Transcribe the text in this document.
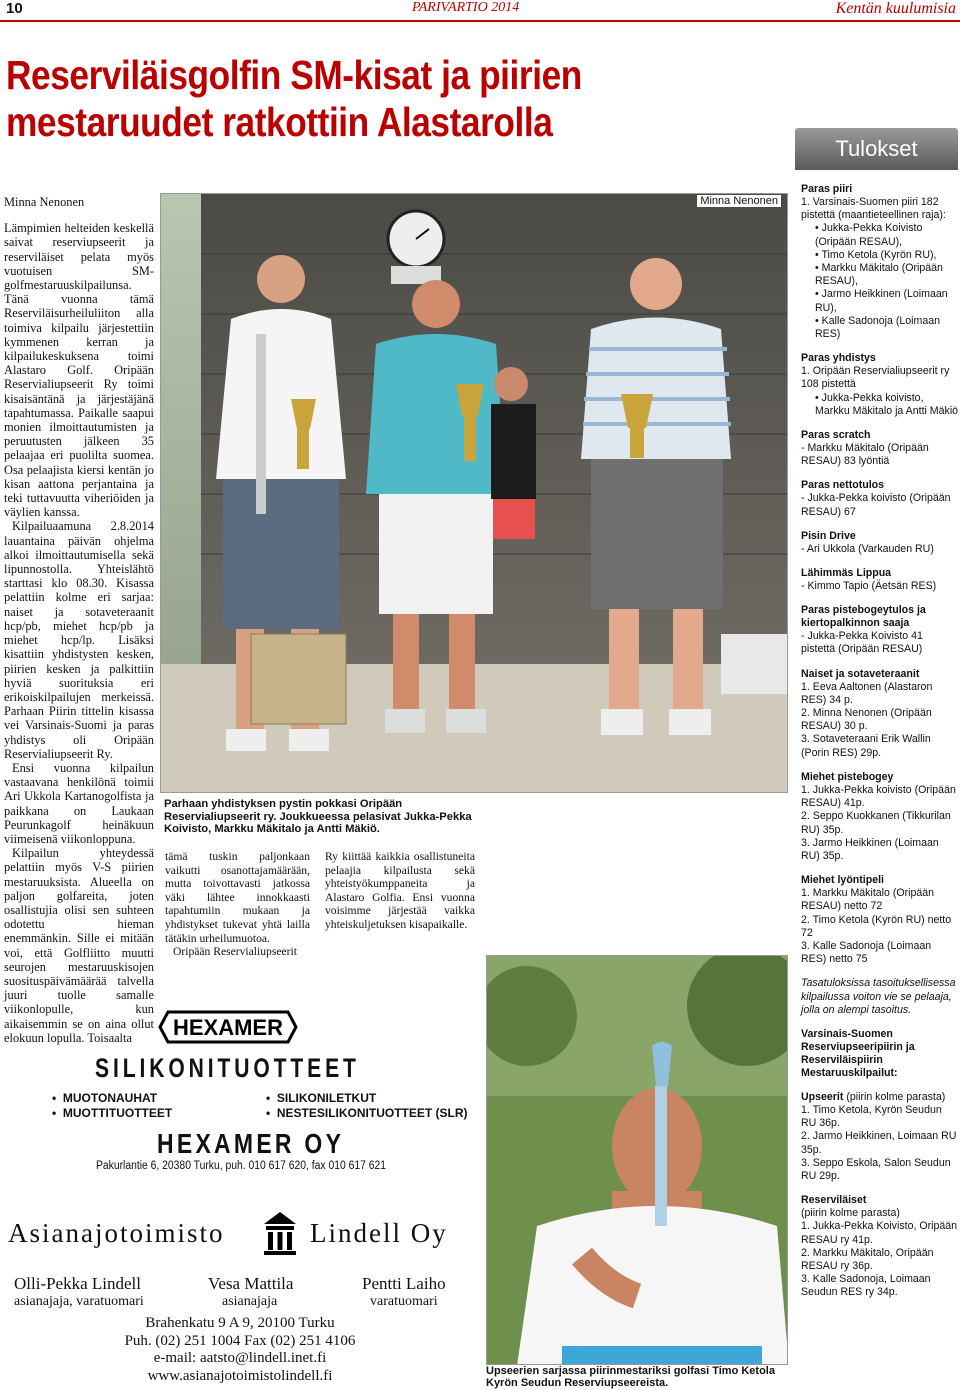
10	PARIVARTIO 2014	Kentän kuulumisia
Reserviläisgolfin SM-kisat ja piirien
mestaruudet ratkottiin Alastarolla
Tulokset

Minna Nenonen

Lämpimien helteiden keskellä saivat reserviupseerit ja reserviläiset pelata myös vuotuisen SM-golfmestaruuskilpailunsa. Tänä vuonna tämä Reserviläisurheiluliiton alla toimiva kilpailu järjestettiin kymmenen kerran ja kilpailukeskuksena toimi Alastaro Golf. Oripään Reservialiupseerit Ry toimi kisaisäntänä ja järjestäjänä tapahtumassa. Paikalle saapui monien ilmoittautumisten ja peruutusten jälkeen 35 pelaajaa eri puolilta suomea. Osa pelaajista kiersi kentän jo kisan aattona perjantaina ja teki tuttavuutta viheriöiden ja väylien kanssa.

Kilpailuaamuna 2.8.2014 lauantaina päivän ohjelma alkoi ilmoittautumisella sekä lipunnostolla. Yhteislähtö starttasi klo 08.30. Kisassa pelattiin kolme eri sarjaa: naiset ja sotaveteraanit hcp/pb, miehet hcp/pb ja miehet hcp/lp. Lisäksi kisattiin yhdistysten kesken, piirien kesken ja palkittiin hyviä suorituksia eri erikoiskilpailujen merkeissä. Parhaan Piirin tittelin kisassa vei Varsinais-Suomi ja paras yhdistys oli Oripään Reservialiupseerit Ry.

Ensi vuonna kilpailun vastaavana henkilönä toimii Ari Ukkola Kartanogolfista ja paikkana on Laukaan Peurunkagolf heinäkuun viimeisenä viikonloppuna.

Kilpailun yhteydessä pelattiin myös V-S piirien mestaruuksista. Alueella on paljon golfareita, joten osallistujia olisi sen suhteen odotettu hieman enemmänkin. Sille ei mitään voi, että Golfliitto muutti seurojen mestaruuskisojen suosituspäivämäärää talvella juuri tuolle samalle viikonlopulle, kun aikaisemmin se on aina ollut elokuun lopulla. Toisaalta

Minna Nenonen
Parhaan yhdistyksen pystin pokkasi Oripään Reservialiupseerit ry. Joukkueessa pelasivat Jukka-Pekka Koivisto, Markku Mäkitalo ja Antti Mäkiö.

tämä tuskin paljonkaan vaikutti osanottajamäärään, mutta toivottavasti jatkossa väki lähtee innokkaasti tapahtumiin mukaan ja yhdistykset tukevat yhtä lailla tätäkin urheilumuotoa.

Oripään Reservialiupseerit

Ry kiittää kaikkia osallistuneita pelaajia kilpailusta sekä yhteistyökumppaneita ja Alastaro Golfia. Ensi vuonna voisimme järjestää vaikka yhteiskuljetuksen kisapaikalle.
Upseerien sarjassa piirinmestariksi golfasi Timo Ketola Kyrön Seudun Reserviupseereista.
Paras piiri
1. Varsinais-Suomen piiri 182 pistettä (maantieteellinen raja):
• Jukka-Pekka Koivisto (Oripään RESAU),
• Timo Ketola (Kyrön RU),
• Markku Mäkitalo (Oripään RESAU),
• Jarmo Heikkinen (Loimaan RU),
• Kalle Sadonoja (Loimaan RES)
Paras yhdistys
1. Oripään Reservialiupseerit ry 108 pistettä
• Jukka-Pekka koivisto, Markku Mäkitalo ja Antti Mäkiö
Paras scratch
- Markku Mäkitalo (Oripään RESAU) 83 lyöntiä
Paras nettotulos
- Jukka-Pekka koivisto (Oripään RESAU) 67
Pisin Drive
- Ari Ukkola (Varkauden RU)
Lähimmäs Lippua
- Kimmo Tapio (Äetsän RES)
Paras pistebogeytulos ja kiertopalkinnon saaja
- Jukka-Pekka Koivisto 41 pistettä (Oripään RESAU)
Naiset ja sotaveteraanit
1. Eeva Aaltonen (Alastaron RES) 34 p.
2. Minna Nenonen (Oripään RESAU) 30 p.
3. Sotaveteraani Erik Wallin (Porin RES) 29p.
Miehet pistebogey
1. Jukka-Pekka koivisto (Oripään RESAU) 41p.
2. Seppo Kuokkanen (Tikkurilan RU) 35p.
3. Jarmo Heikkinen (Loimaan RU) 35p.
Miehet lyöntipeli
1. Markku Mäkitalo (Oripään RESAU) netto 72
2. Timo Ketola (Kyrön RU) netto 72
3. Kalle Sadonoja (Loimaan RES) netto 75
Tasatuloksissa tasoituksellisessa kilpailussa voiton vie se pelaaja, jolla on alempi tasoitus.
Varsinais-Suomen Reserviupseeripiirin ja Reserviläispiirin Mestaruuskilpailut:
Upseerit (piirin kolme parasta)
1. Timo Ketola, Kyrön Seudun RU 36p.
2. Jarmo Heikkinen, Loimaan RU 35p.
3. Seppo Eskola, Salon Seudun RU 29p.
Reserviläiset
(piirin kolme parasta)
1. Jukka-Pekka Koivisto, Oripään RESAU ry 41p.
2. Markku Mäkitalo, Oripään RESAU ry 36p.
3. Kalle Sadonoja, Loimaan Seudun RES ry 34p.
HEXAMER
SILIKONITUOTTEET
•  MUOTONAUHAT
•  MUOTTITUOTTEET
•  SILIKONILETKUT
•  NESTESILIKONITUOTTEET (SLR)
HEXAMER OY
Pakurlantie 6, 20380 Turku, puh. 010 617 620, fax 010 617 621
Asianajotoimisto	Lindell Oy
Olli-Pekka Lindell
asianajaja, varatuomari
Vesa Mattila
asianajaja
Pentti Laiho
varatuomari
Brahenkatu 9 A 9, 20100 Turku
Puh. (02) 251 1004 Fax (02) 251 4106
e-mail: aatsto@lindell.inet.fi
www.asianajotoimistolindell.fi
